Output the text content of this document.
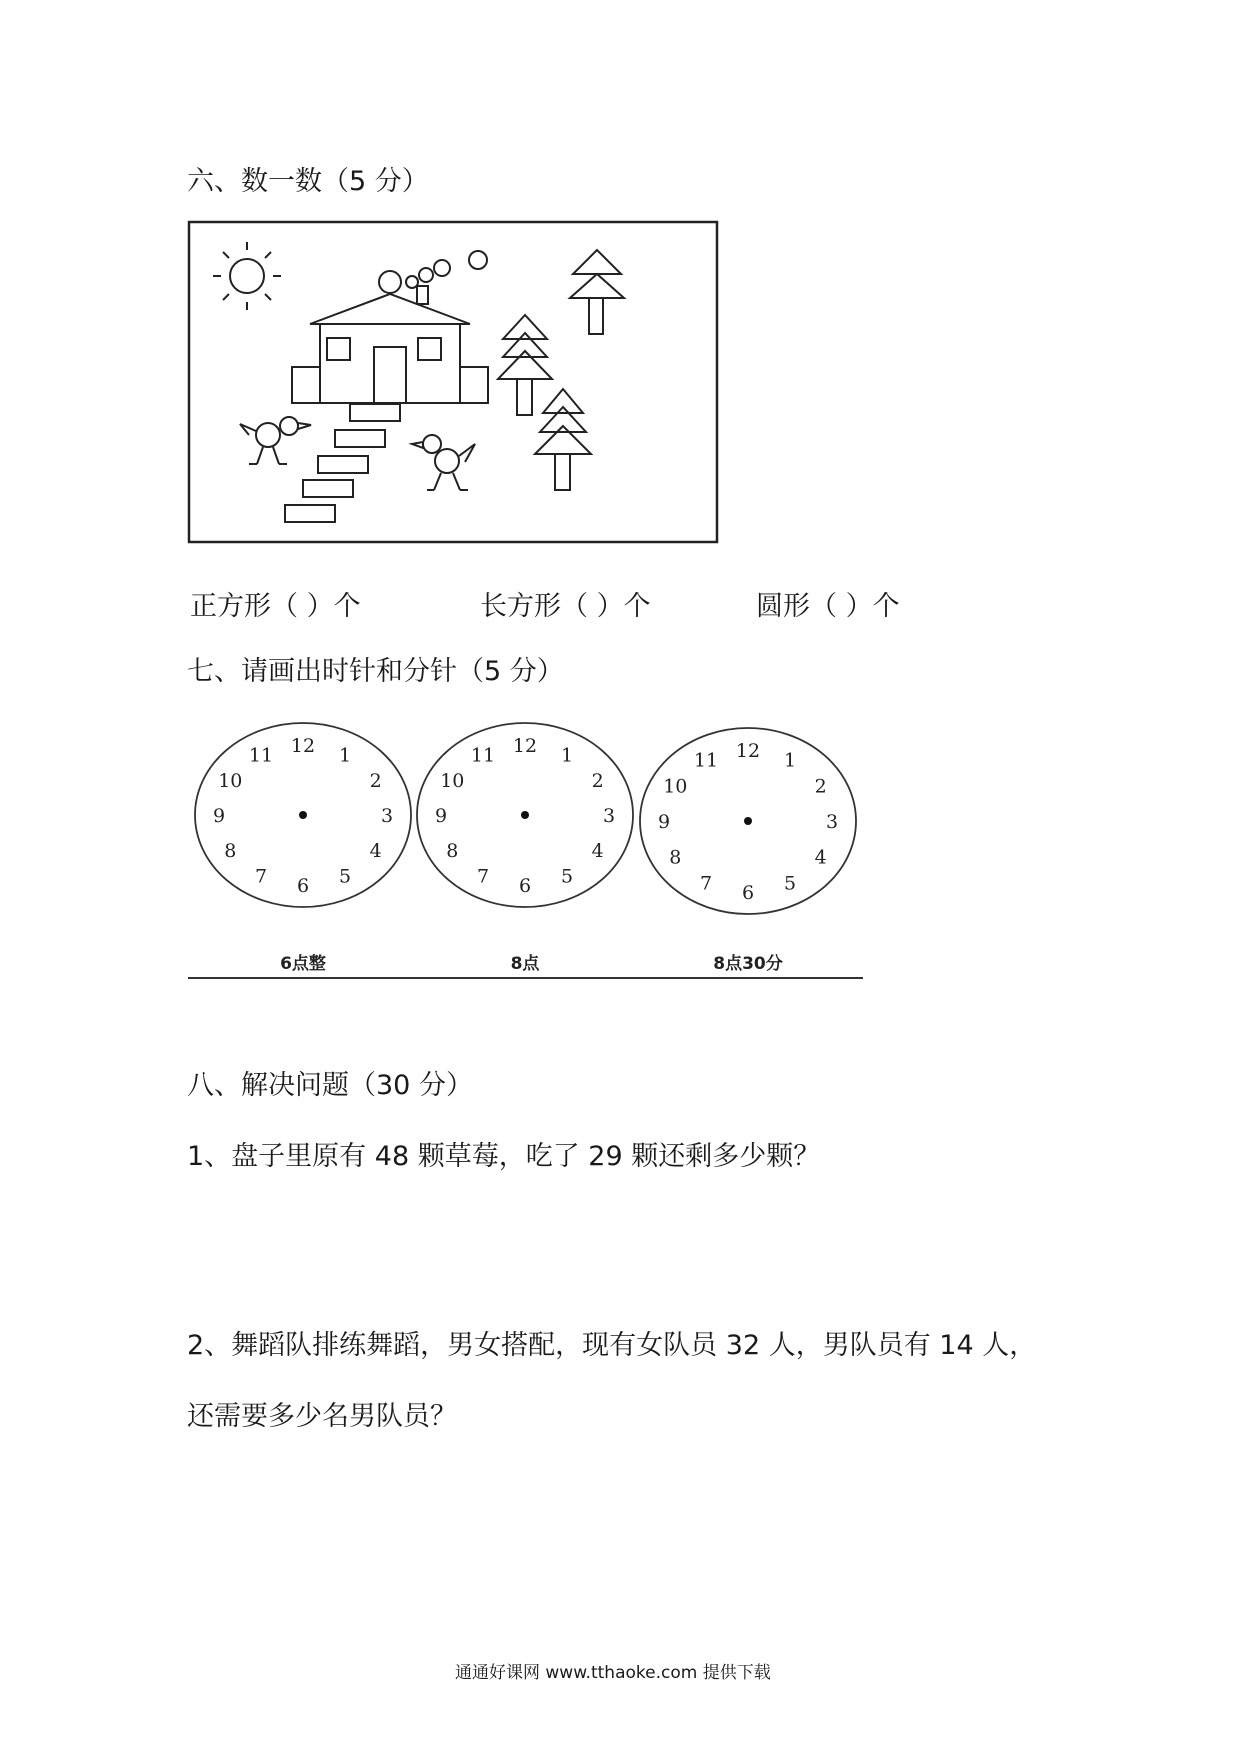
六、数一数（5 分）
正方形（ ）个	长方形（ ）个	圆形（ ）个
七、请画出时针和分针（5 分）
12 1
2
3
4
5
6
7
8
9
10
11
6点整
12 1
2
3
4
5
6
7
8
9
10
11
8点
12 1
2
3
4
5
6
7
8
9
10
11
8点30分
八、解决问题（30 分）
1、盘子里原有 48 颗草莓，吃了 29 颗还剩多少颗？
2、舞蹈队排练舞蹈，男女搭配，现有女队员 32 人，男队员有 14 人，
还需要多少名男队员？
通通好课网 www.tthaoke.com 提供下载
